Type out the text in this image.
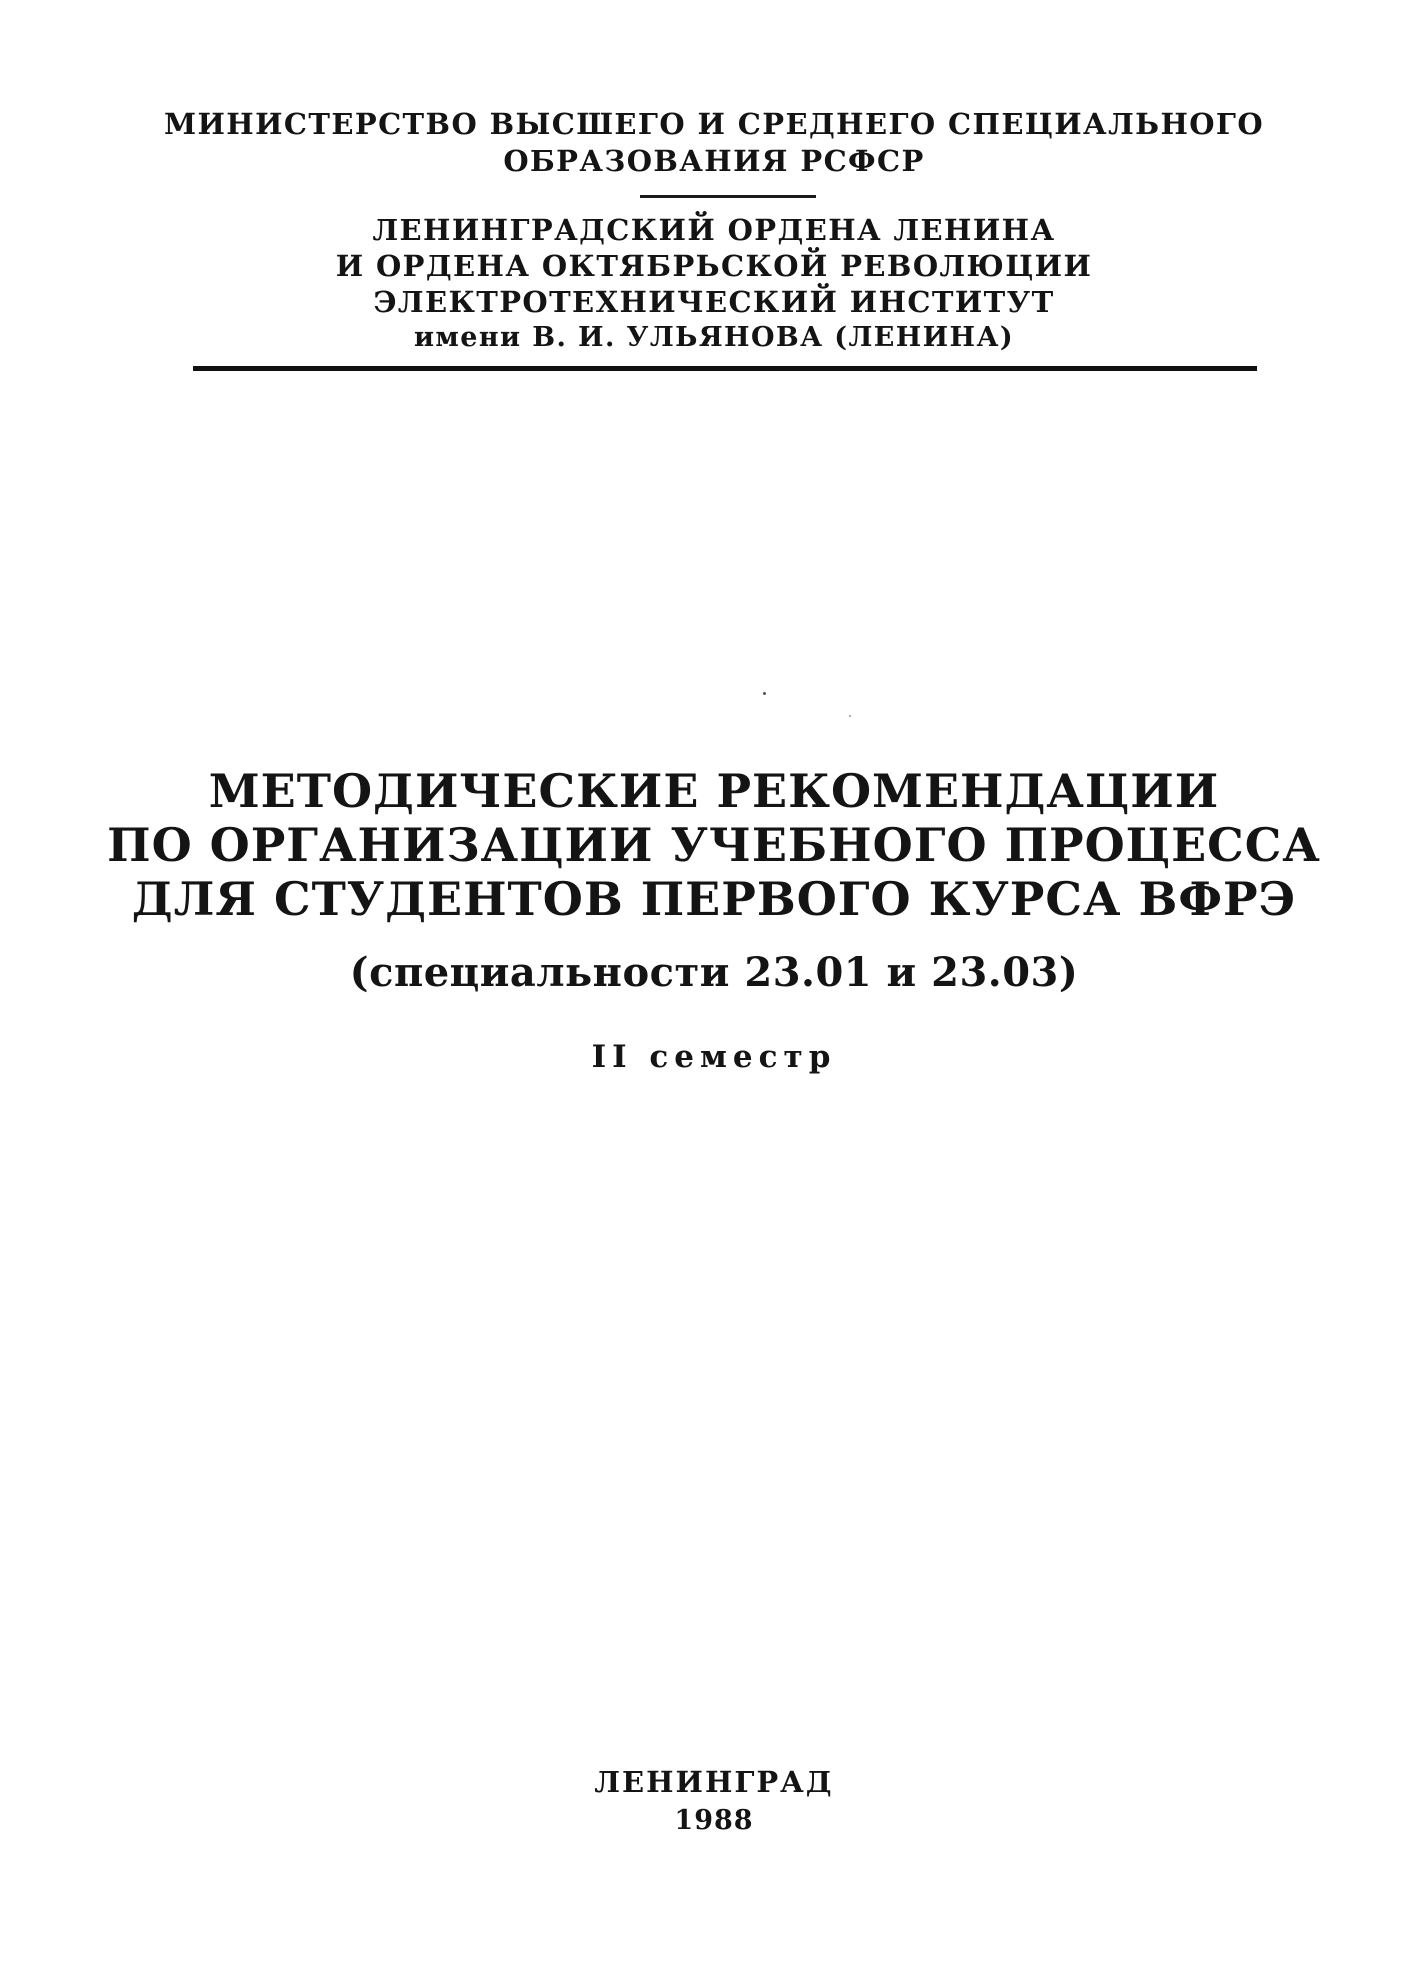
МИНИСТЕРСТВО ВЫСШЕГО И СРЕДНЕГО СПЕЦИАЛЬНОГО
ОБРАЗОВАНИЯ РСФСР
ЛЕНИНГРАДСКИЙ ОРДЕНА ЛЕНИНА
И ОРДЕНА ОКТЯБРЬСКОЙ РЕВОЛЮЦИИ
ЭЛЕКТРОТЕХНИЧЕСКИЙ ИНСТИТУТ
имени В. И. УЛЬЯНОВА (ЛЕНИНА)
МЕТОДИЧЕСКИЕ РЕКОМЕНДАЦИИ
ПО ОРГАНИЗАЦИИ УЧЕБНОГО ПРОЦЕССА
ДЛЯ СТУДЕНТОВ ПЕРВОГО КУРСА ВФРЭ
(специальности 23.01 и 23.03)
II семестр
ЛЕНИНГРАД
1988
